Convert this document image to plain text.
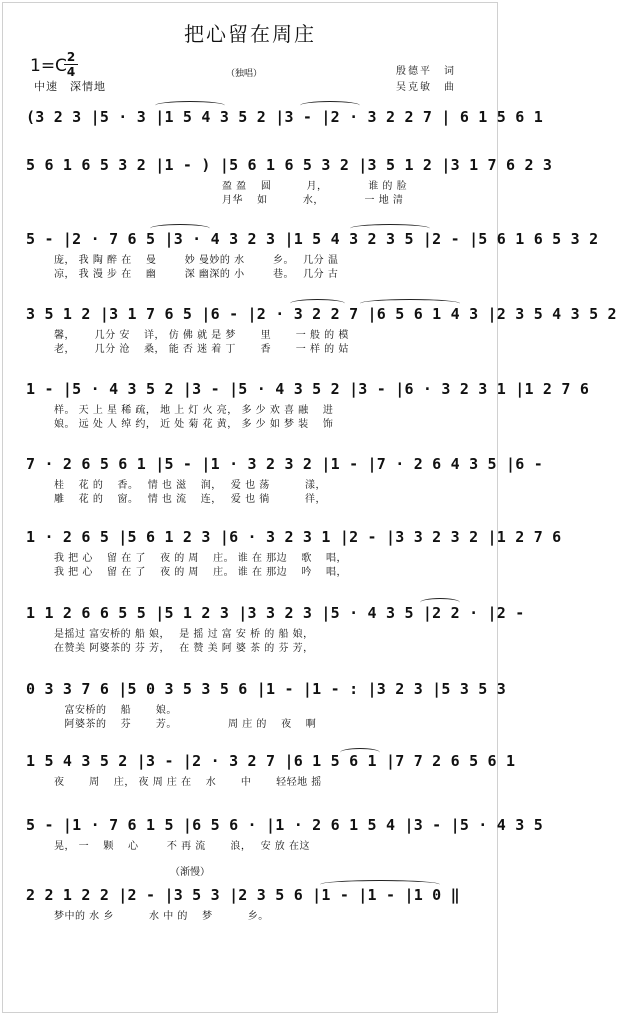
把心留在周庄
1=C 2
4
中速　深情地
（独唱）	殷德平　词
吴克敏　曲
(3 2 3 |5 · 3 |1 5 4 3 5 2 |3 - |2 · 3 2 2 7 | 6 1 5 6 1
5 6 1 6 5 3 2 |1 - ) |5 6 1 6 5 3 2 |3 5 1 2 |3 1 7 6 2 3
　　　　　　　　　　　　　　　　盈 盈　 圆　　　 月，　　　　 谁 的 脸
　　　　　　　　　　　　　　　　月华　 如　　　 水，　　　　 一 地 清
5 - |2 · 7 6 5 |3 · 4 3 2 3 |1 5 4 3 2 3 5 |2 - |5 6 1 6 5 3 2
庞， 我 陶 醉 在　 曼　 　 妙 曼妙的 水　 　 乡。　 几分 温
凉， 我 漫 步 在　 幽　 　 深 幽深的 小　 　 巷。　 几分 古
3 5 1 2 |3 1 7 6 5 |6 - |2 · 3 2 2 7 |6 5 6 1 4 3 |2 3 5 4 3 5 2
馨，　　 几分 安　 详， 仿 佛 就 是 梦　　 里　　 一 般 的 模
老，　　 几分 沧　 桑， 能 否 迷 着 丁　　 香　　 一 样 的 姑
1 - |5 · 4 3 5 2 |3 - |5 · 4 3 5 2 |3 - |6 · 3 2 3 1 |1 2 7 6
样。 天 上 星 稀 疏， 地 上 灯 火 亮， 多 少 欢 喜 融　 进
娘。 远 处 人 绰 约， 近 处 菊 花 黄， 多 少 如 梦 装　 饰
7 · 2 6 5 6 1 |5 - |1 · 3 2 3 2 |1 - |7 · 2 6 4 3 5 |6 -
桂　 花 的　 香。　 情 也 滋　 润，　 爱 也 荡　　　 漾，
雕　 花 的　 窗。　 情 也 流　 连，　 爱 也 徜　　　 徉，
1 · 2 6 5 |5 6 1 2 3 |6 · 3 2 3 1 |2 - |3 3 2 3 2 |1 2 7 6
我 把 心　 留 在 了　 夜 的 周　 庄。 谁 在 那边　 歌　 唱，
我 把 心　 留 在 了　 夜 的 周　 庄。 谁 在 那边　 吟　 唱，
1 1 2 6 6 5 5 |5 1 2 3 |3 3 2 3 |5 · 4 3 5 |2 2 · |2 -
是摇过 富安桥的 船 娘，　 是 摇 过 富 安 桥 的 船 娘，
在赞美 阿婆茶的 芬 芳，　 在 赞 美 阿 婆 茶 的 芬 芳，
0 3 3 7 6 |5 0 3 5 3 5 6 |1 - |1 - : |3 2 3 |5 3 5 3
　富安桥的　 船　　 娘。
　阿婆茶的　 芬　　 芳。　　　　　 周 庄 的　 夜　 啊
1 5 4 3 5 2 |3 - |2 · 3 2 7 |6 1 5 6 1 |7 7 2 6 5 6 1
夜　　 周　 庄， 夜 周 庄 在　 水　　 中　　 轻轻地 摇
5 - |1 · 7 6 1 5 |6 5 6 · |1 · 2 6 1 5 4 |3 - |5 · 4 3 5
晃， 一　 颗　 心　 　 不 再 流　　 浪，　 安 放 在这
（渐慢）
2 2 1 2 2 |2 - |3 5 3 |2 3 5 6 |1 - |1 - |1 0 ‖
梦中的 水 乡　　　 水 中 的　 梦　　　 乡。
